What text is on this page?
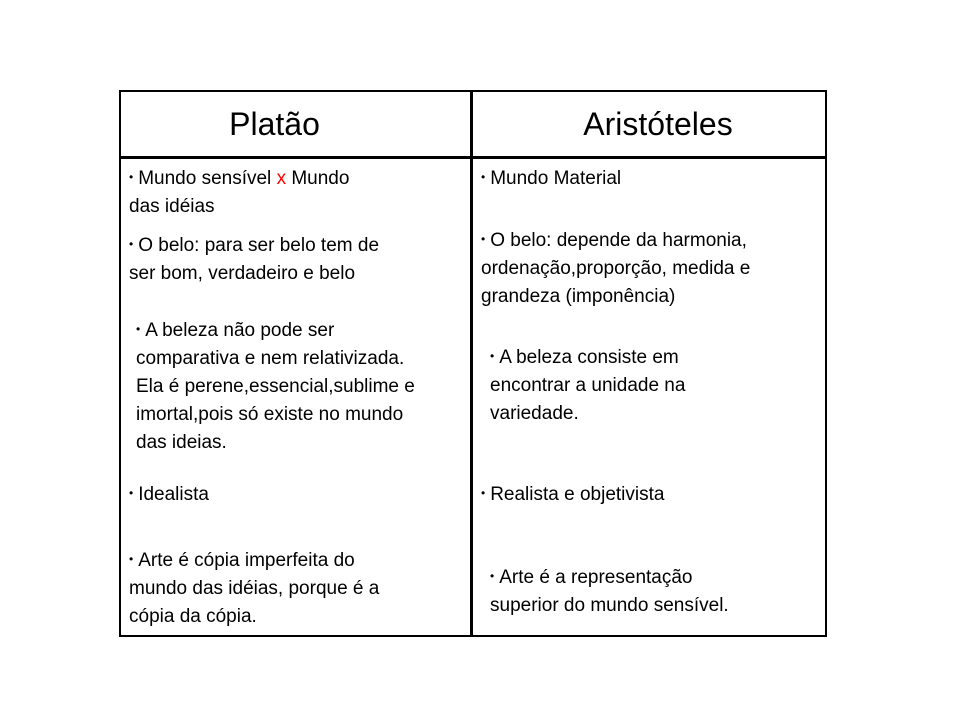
Platão	Aristóteles
• Mundo sensível x Mundo
das idéias
• O belo: para ser belo tem de
ser bom, verdadeiro e belo
• A beleza não pode ser
comparativa e nem relativizada.
Ela é perene,essencial,sublime e
imortal,pois só existe no mundo
das ideias.
• Idealista
• Arte é cópia imperfeita do
mundo das idéias, porque é a
cópia da cópia.
• Mundo Material
• O belo: depende da harmonia,
ordenação,proporção, medida e
grandeza (imponência)
• A beleza consiste em
encontrar a unidade na
variedade.
• Realista e objetivista
• Arte é a representação
superior do mundo sensível.
